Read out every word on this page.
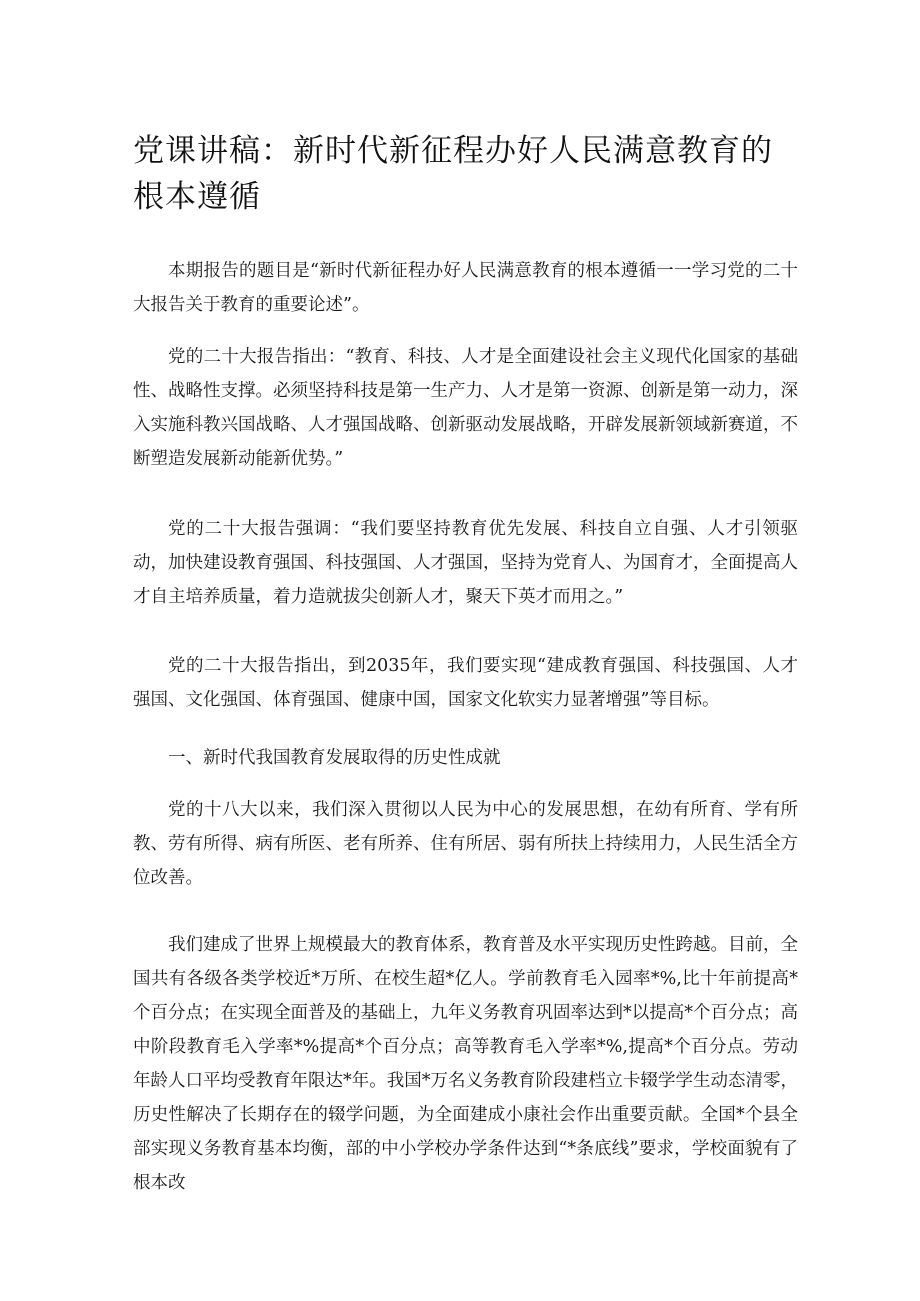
党课讲稿：新时代新征程办好人民满意教育的根本遵循

本期报告的题目是“新时代新征程办好人民满意教育的根本遵循一一学习党的二十大报告关于教育的重要论述”。

党的二十大报告指出：“教育、科技、人才是全面建设社会主义现代化国家的基础性、战略性支撑。必须坚持科技是第一生产力、人才是第一资源、创新是第一动力，深入实施科教兴国战略、人才强国战略、创新驱动发展战略，开辟发展新领域新赛道，不断塑造发展新动能新优势。”

党的二十大报告强调：“我们要坚持教育优先发展、科技自立自强、人才引领驱动，加快建设教育强国、科技强国、人才强国，坚持为党育人、为国育才，全面提高人才自主培养质量，着力造就拔尖创新人才，聚天下英才而用之。”

党的二十大报告指出，到2035年，我们要实现“建成教育强国、科技强国、人才强国、文化强国、体育强国、健康中国，国家文化软实力显著增强”等目标。

一、新时代我国教育发展取得的历史性成就

党的十八大以来，我们深入贯彻以人民为中心的发展思想，在幼有所育、学有所教、劳有所得、病有所医、老有所养、住有所居、弱有所扶上持续用力，人民生活全方位改善。

我们建成了世界上规模最大的教育体系，教育普及水平实现历史性跨越。目前，全国共有各级各类学校近*万所、在校生超*亿人。学前教育毛入园率*%,比十年前提高*个百分点；在实现全面普及的基础上，九年义务教育巩固率达到*以提高*个百分点；高中阶段教育毛入学率*%提高*个百分点；高等教育毛入学率*%,提高*个百分点。劳动年龄人口平均受教育年限达*年。我国*万名义务教育阶段建档立卡辍学学生动态清零，历史性解决了长期存在的辍学问题，为全面建成小康社会作出重要贡献。全国*个县全部实现义务教育基本均衡，部的中小学校办学条件达到“*条底线”要求，学校面貌有了根本改
